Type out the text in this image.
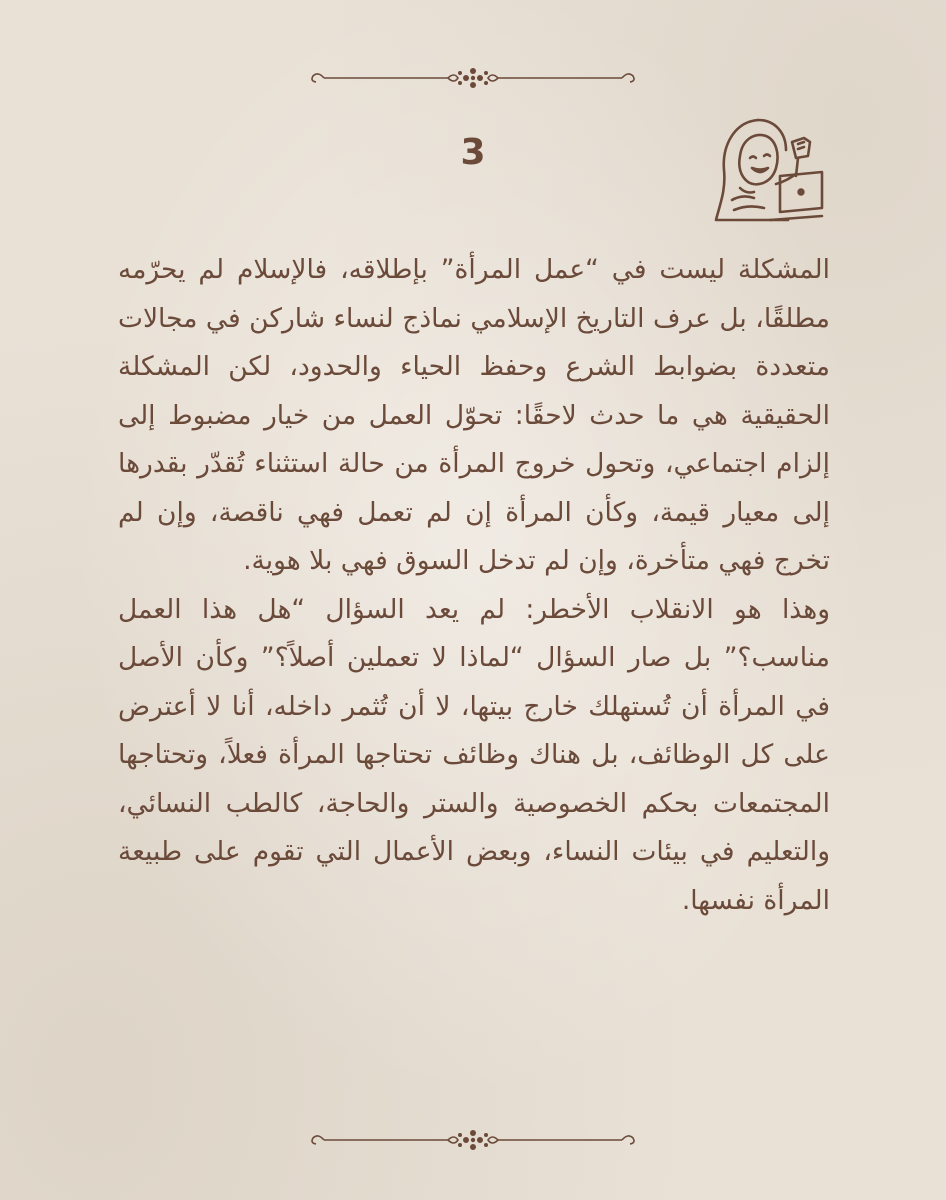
3

المشكلة ليست في “عمل المرأة” بإطلاقه، فالإسلام لم يحرّمه مطلقًا، بل عرف التاريخ الإسلامي نماذج لنساء شاركن في مجالات متعددة بضوابط الشرع وحفظ الحياء والحدود، لكن المشكلة الحقيقية هي ما حدث لاحقًا: تحوّل العمل من خيار مضبوط إلى إلزام اجتماعي، وتحول خروج المرأة من حالة استثناء تُقدّر بقدرها إلى معيار قيمة، وكأن المرأة إن لم تعمل فهي ناقصة، وإن لم تخرج فهي متأخرة، وإن لم تدخل السوق فهي بلا هوية.

وهذا هو الانقلاب الأخطر: لم يعد السؤال “هل هذا العمل مناسب؟” بل صار السؤال “لماذا لا تعملين أصلاً؟” وكأن الأصل في المرأة أن تُستهلك خارج بيتها، لا أن تُثمر داخله، أنا لا أعترض على كل الوظائف، بل هناك وظائف تحتاجها المرأة فعلاً، وتحتاجها المجتمعات بحكم الخصوصية والستر والحاجة، كالطب النسائي، والتعليم في بيئات النساء، وبعض الأعمال التي تقوم على طبيعة المرأة نفسها.
